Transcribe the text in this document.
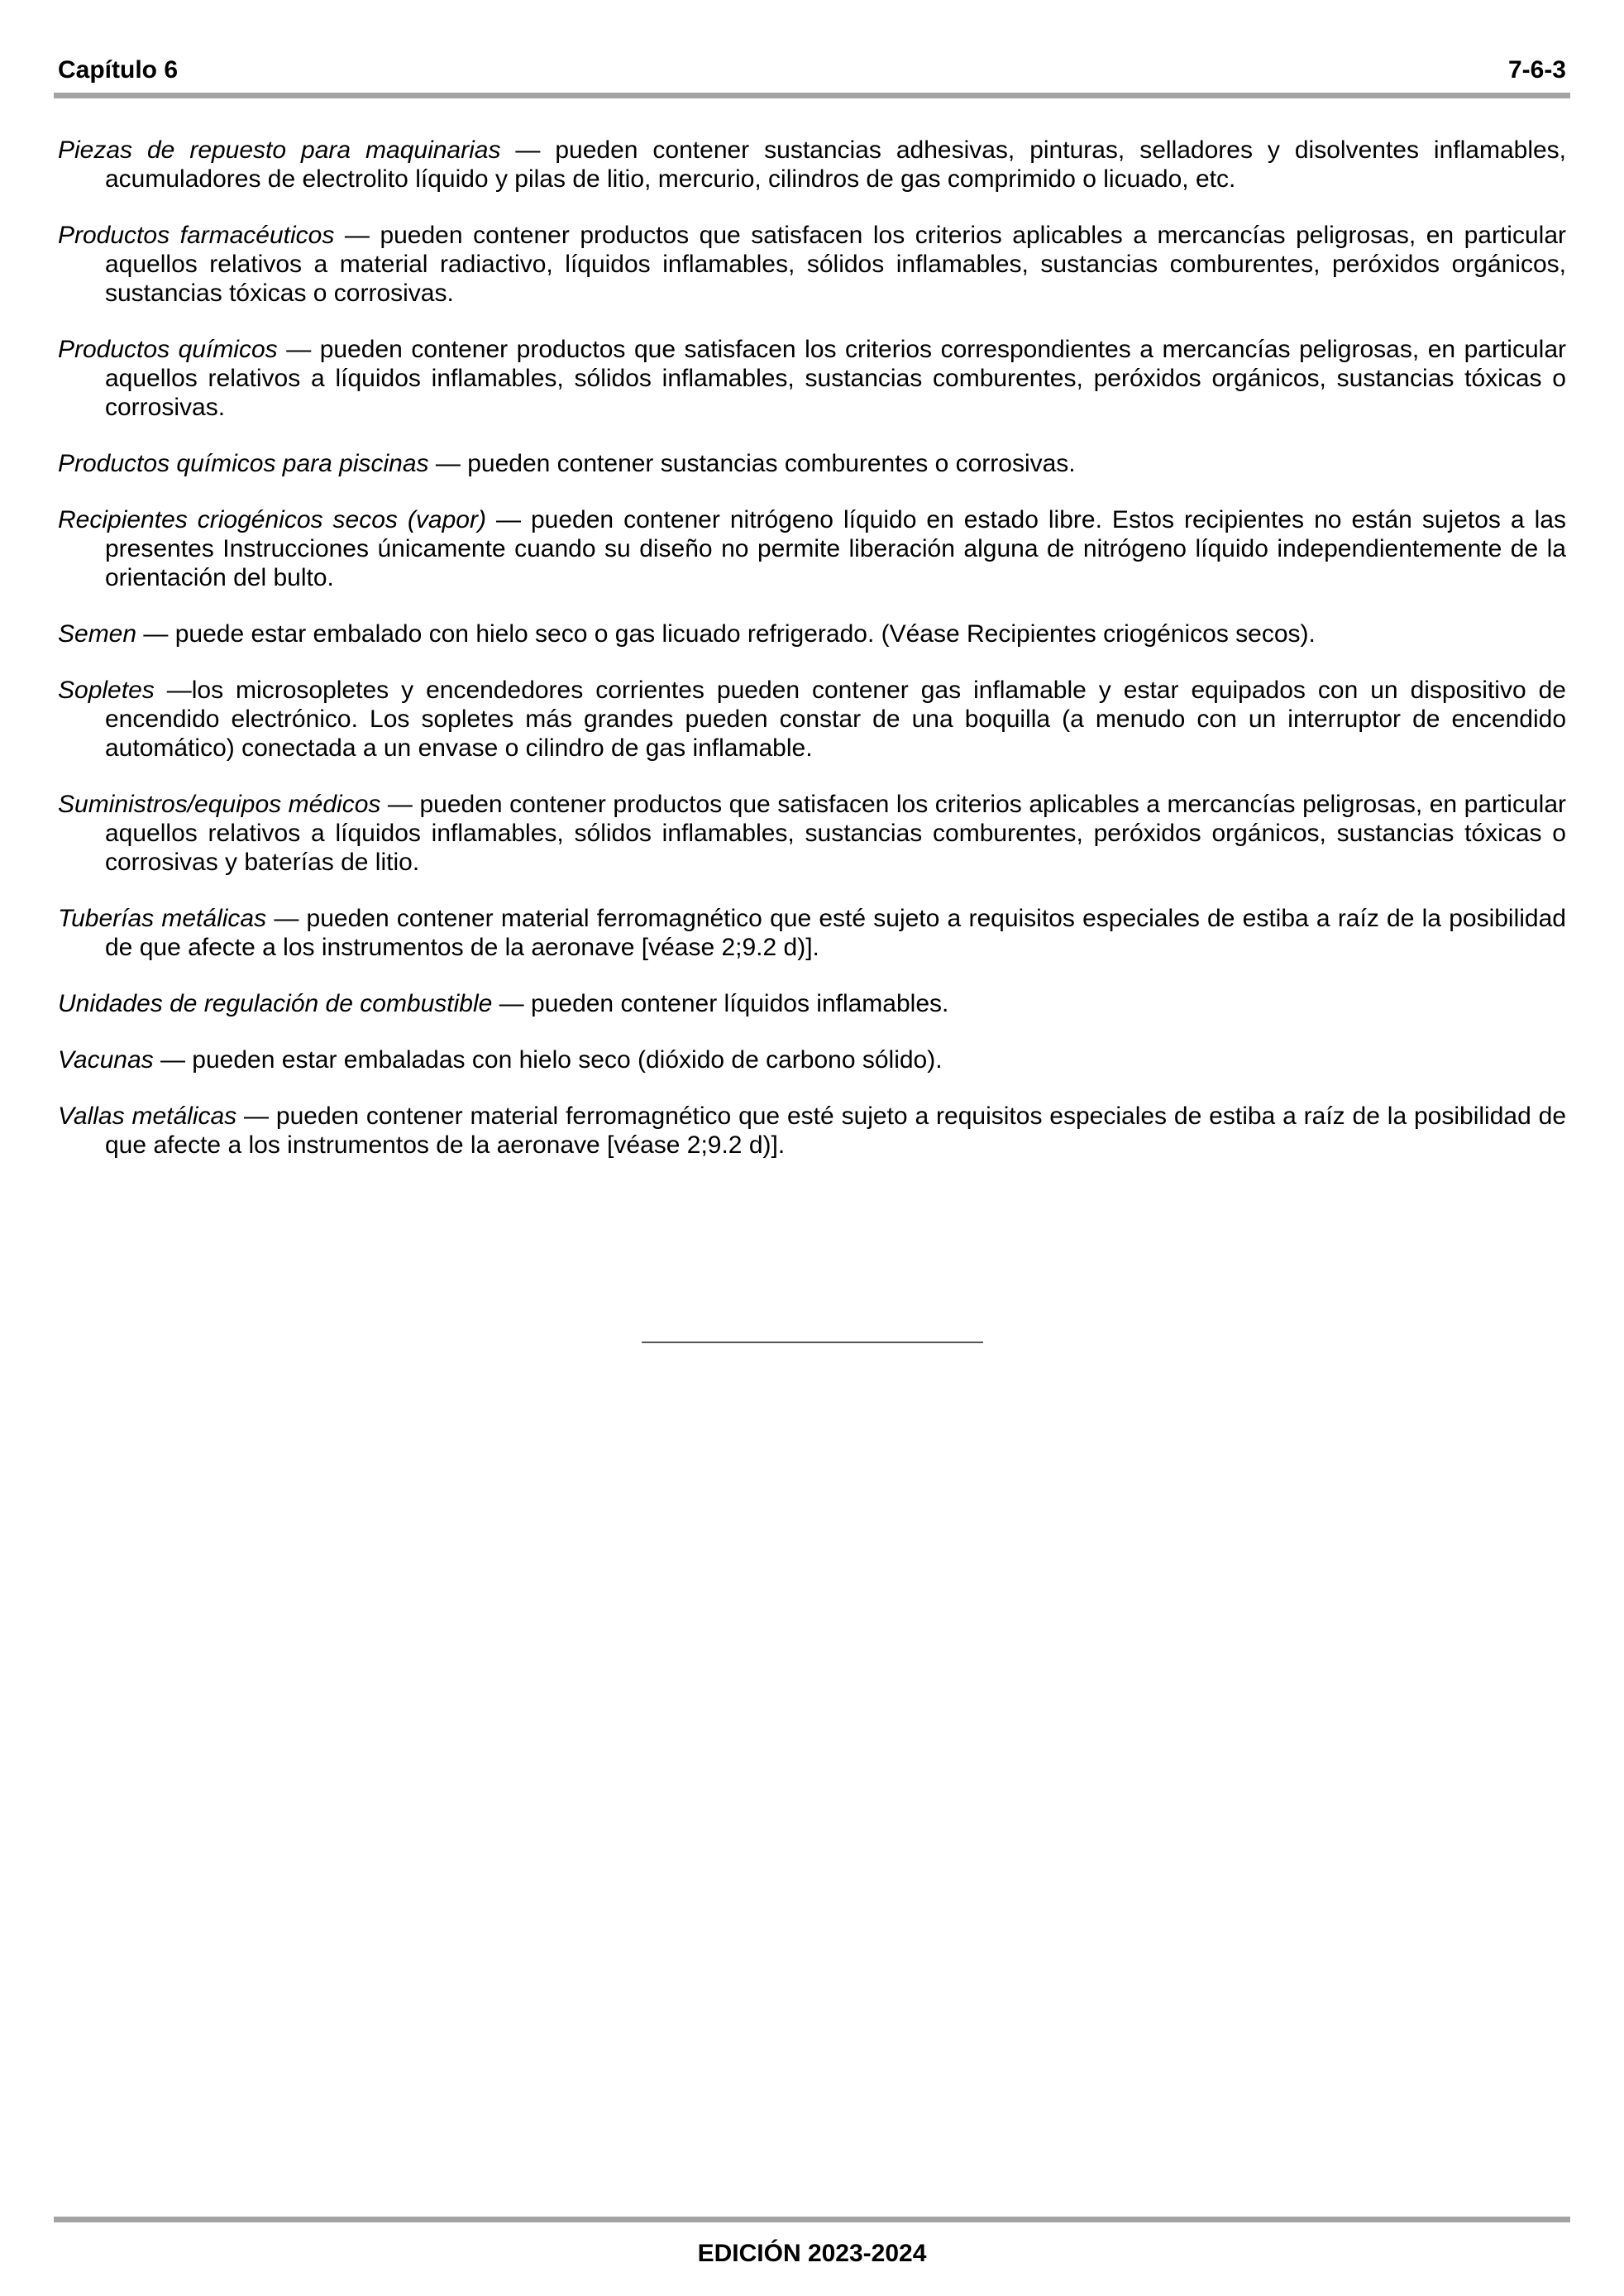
Capítulo 6	7-6-3

Piezas de repuesto para maquinarias — pueden contener sustancias adhesivas, pinturas, selladores y disolventes inflamables, acumuladores de electrolito líquido y pilas de litio, mercurio, cilindros de gas comprimido o licuado, etc.

Productos farmacéuticos — pueden contener productos que satisfacen los criterios aplicables a mercancías peligrosas, en particular aquellos relativos a material radiactivo, líquidos inflamables, sólidos inflamables, sustancias comburentes, peróxidos orgánicos, sustancias tóxicas o corrosivas.

Productos químicos — pueden contener productos que satisfacen los criterios correspondientes a mercancías peligrosas, en particular aquellos relativos a líquidos inflamables, sólidos inflamables, sustancias comburentes, peróxidos orgánicos, sustancias tóxicas o corrosivas.

Productos químicos para piscinas — pueden contener sustancias comburentes o corrosivas.

Recipientes criogénicos secos (vapor) — pueden contener nitrógeno líquido en estado libre. Estos recipientes no están sujetos a las presentes Instrucciones únicamente cuando su diseño no permite liberación alguna de nitrógeno líquido independientemente de la orientación del bulto.

Semen — puede estar embalado con hielo seco o gas licuado refrigerado. (Véase Recipientes criogénicos secos).

Sopletes —los microsopletes y encendedores corrientes pueden contener gas inflamable y estar equipados con un dispositivo de encendido electrónico. Los sopletes más grandes pueden constar de una boquilla (a menudo con un interruptor de encendido automático) conectada a un envase o cilindro de gas inflamable.

Suministros/equipos médicos — pueden contener productos que satisfacen los criterios aplicables a mercancías peligrosas, en particular aquellos relativos a líquidos inflamables, sólidos inflamables, sustancias comburentes, peróxidos orgánicos, sustancias tóxicas o corrosivas y baterías de litio.

Tuberías metálicas — pueden contener material ferromagnético que esté sujeto a requisitos especiales de estiba a raíz de la posibilidad de que afecte a los instrumentos de la aeronave [véase 2;9.2 d)].

Unidades de regulación de combustible — pueden contener líquidos inflamables.

Vacunas — pueden estar embaladas con hielo seco (dióxido de carbono sólido).

Vallas metálicas — pueden contener material ferromagnético que esté sujeto a requisitos especiales de estiba a raíz de la posibilidad de que afecte a los instrumentos de la aeronave [véase 2;9.2 d)].

EDICIÓN 2023-2024
